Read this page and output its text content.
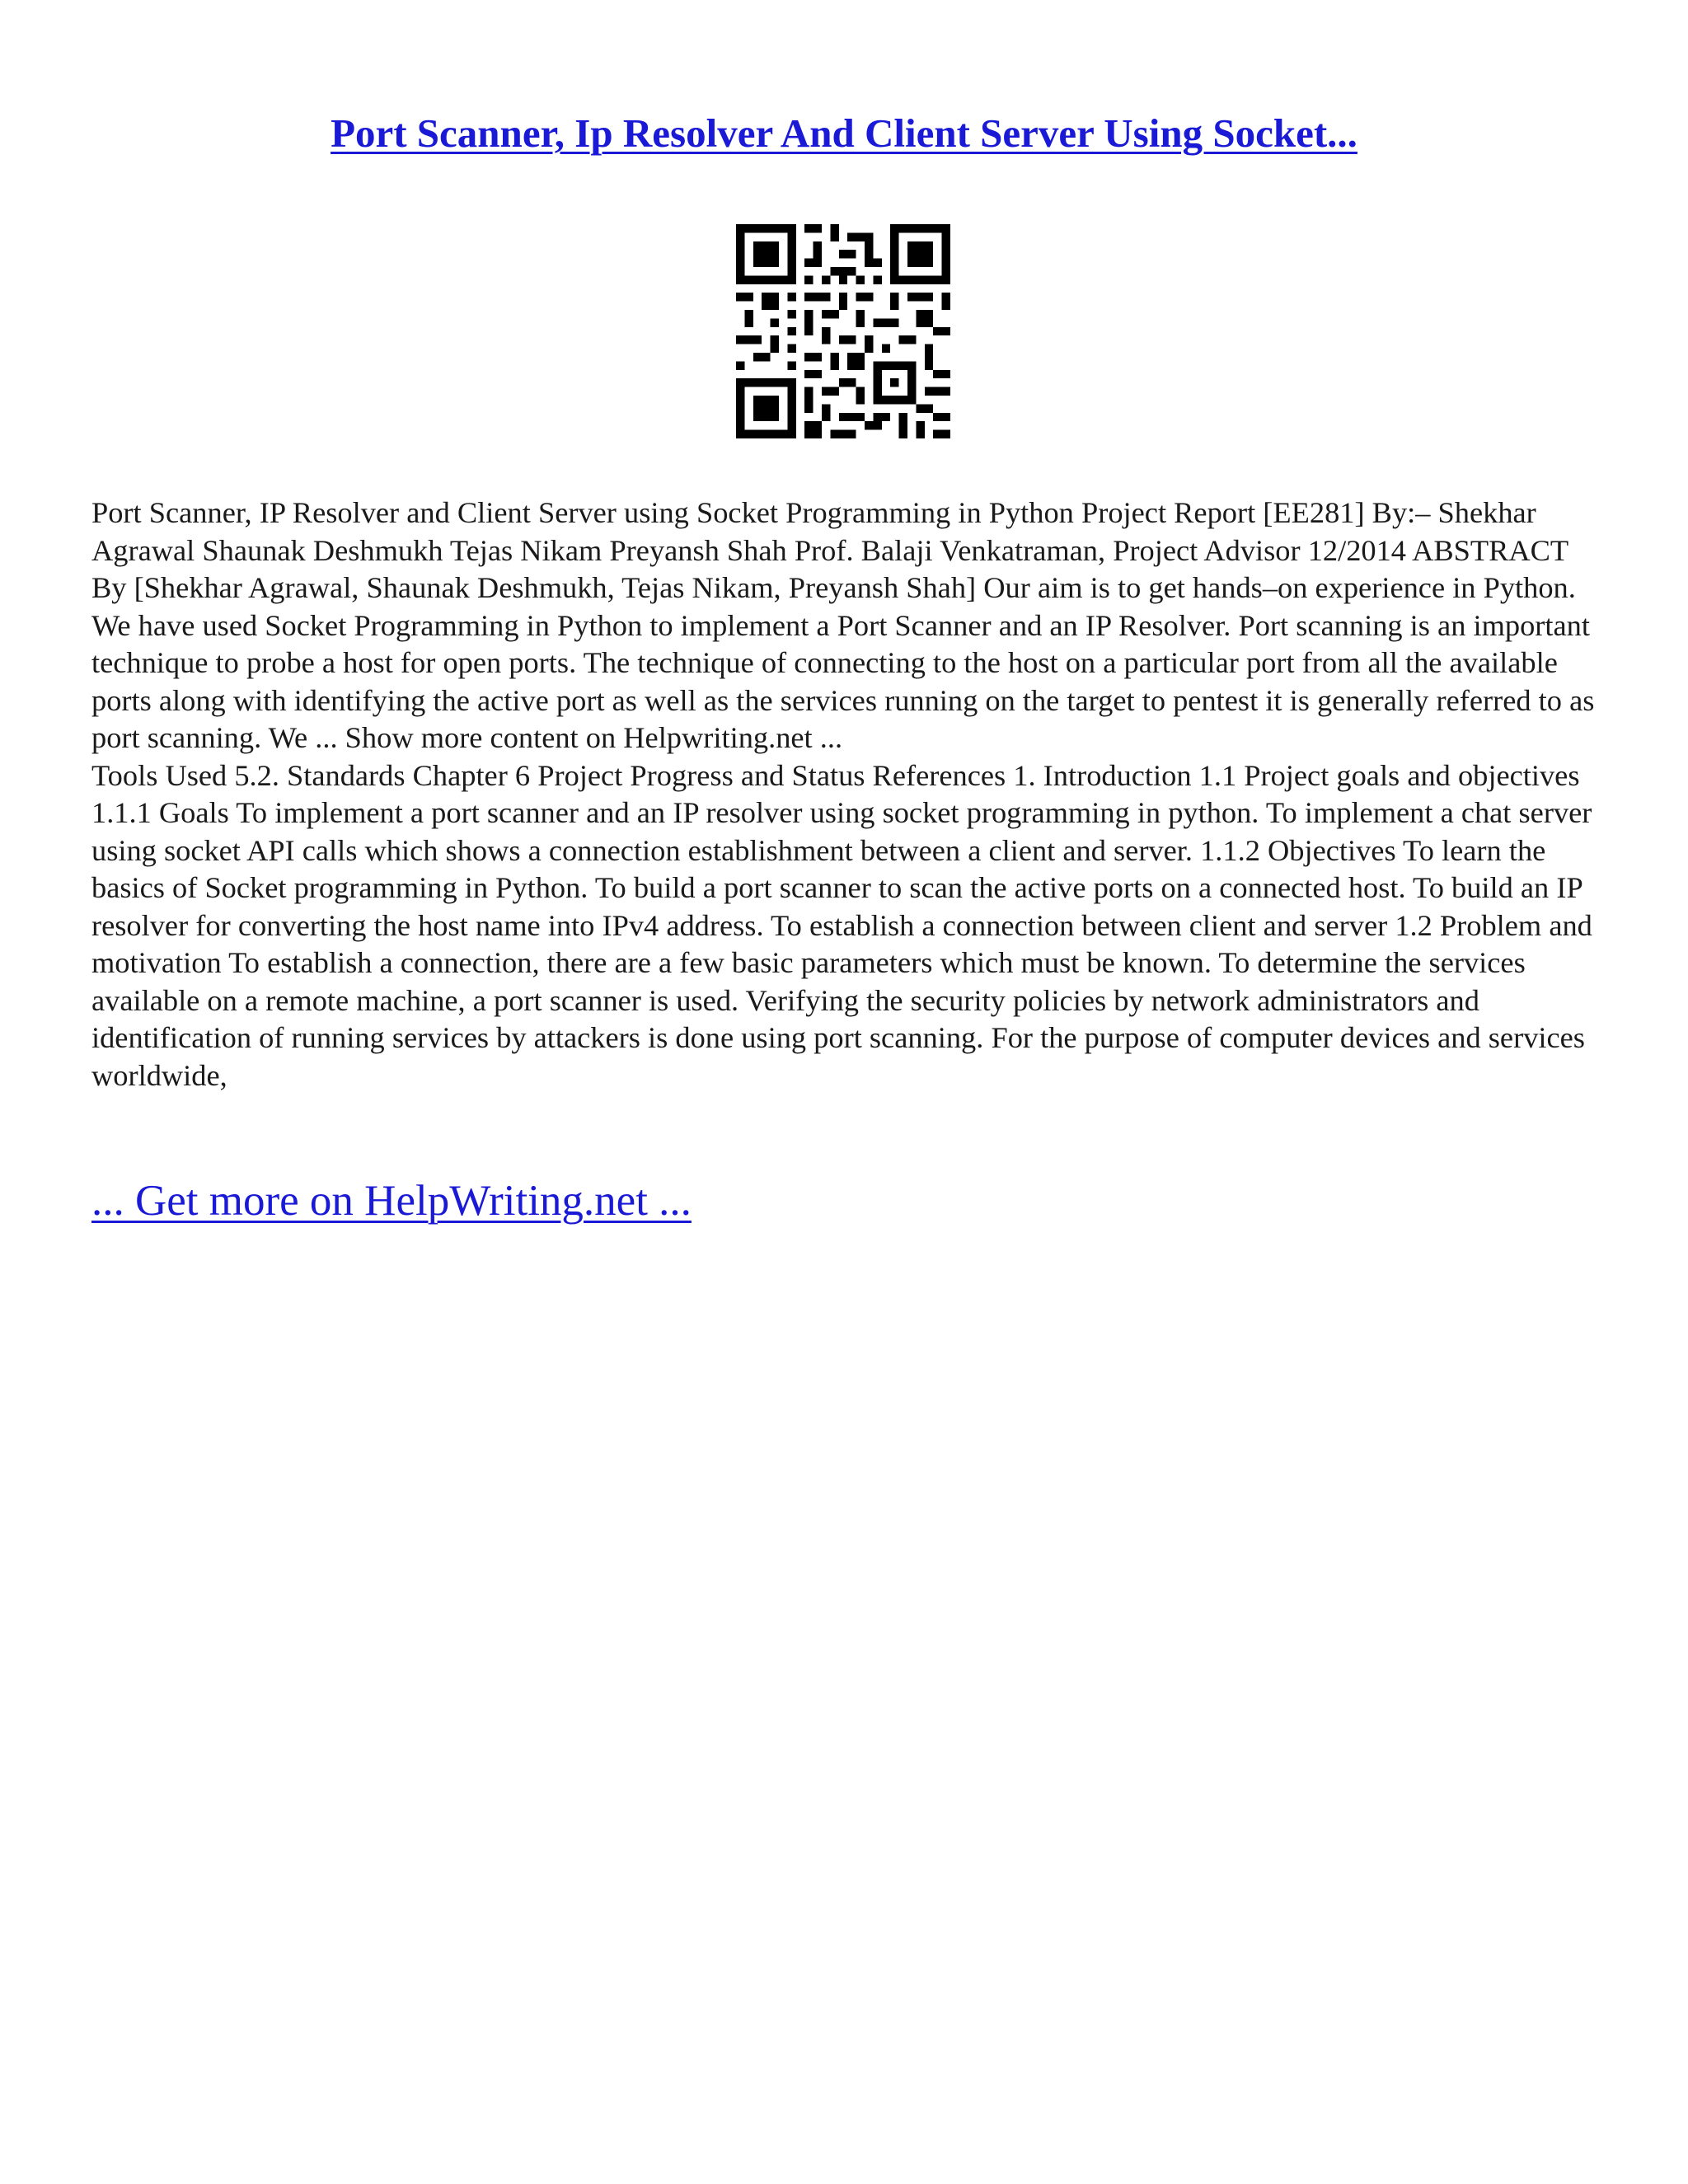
Port Scanner, Ip Resolver And Client Server Using Socket...

Port Scanner, IP Resolver and Client Server using Socket Programming in Python Project Report [EE281] By:– Shekhar Agrawal Shaunak Deshmukh Tejas Nikam Preyansh Shah Prof. Balaji Venkatraman, Project Advisor 12/2014 ABSTRACT By [Shekhar Agrawal, Shaunak Deshmukh, Tejas Nikam, Preyansh Shah] Our aim is to get hands–on experience in Python. We have used Socket Programming in Python to implement a Port Scanner and an IP Resolver. Port scanning is an important technique to probe a host for open ports. The technique of connecting to the host on a particular port from all the available ports along with identifying the active port as well as the services running on the target to pentest it is generally referred to as port scanning. We ... Show more content on Helpwriting.net ...

Tools Used 5.2. Standards Chapter 6 Project Progress and Status References 1. Introduction 1.1 Project goals and objectives 1.1.1 Goals To implement a port scanner and an IP resolver using socket programming in python. To implement a chat server using socket API calls which shows a connection establishment between a client and server. 1.1.2 Objectives To learn the basics of Socket programming in Python. To build a port scanner to scan the active ports on a connected host. To build an IP resolver for converting the host name into IPv4 address. To establish a connection between client and server 1.2 Problem and motivation To establish a connection, there are a few basic parameters which must be known. To determine the services available on a remote machine, a port scanner is used. Verifying the security policies by network administrators and identification of running services by attackers is done using port scanning. For the purpose of computer devices and services worldwide,

... Get more on HelpWriting.net ...
